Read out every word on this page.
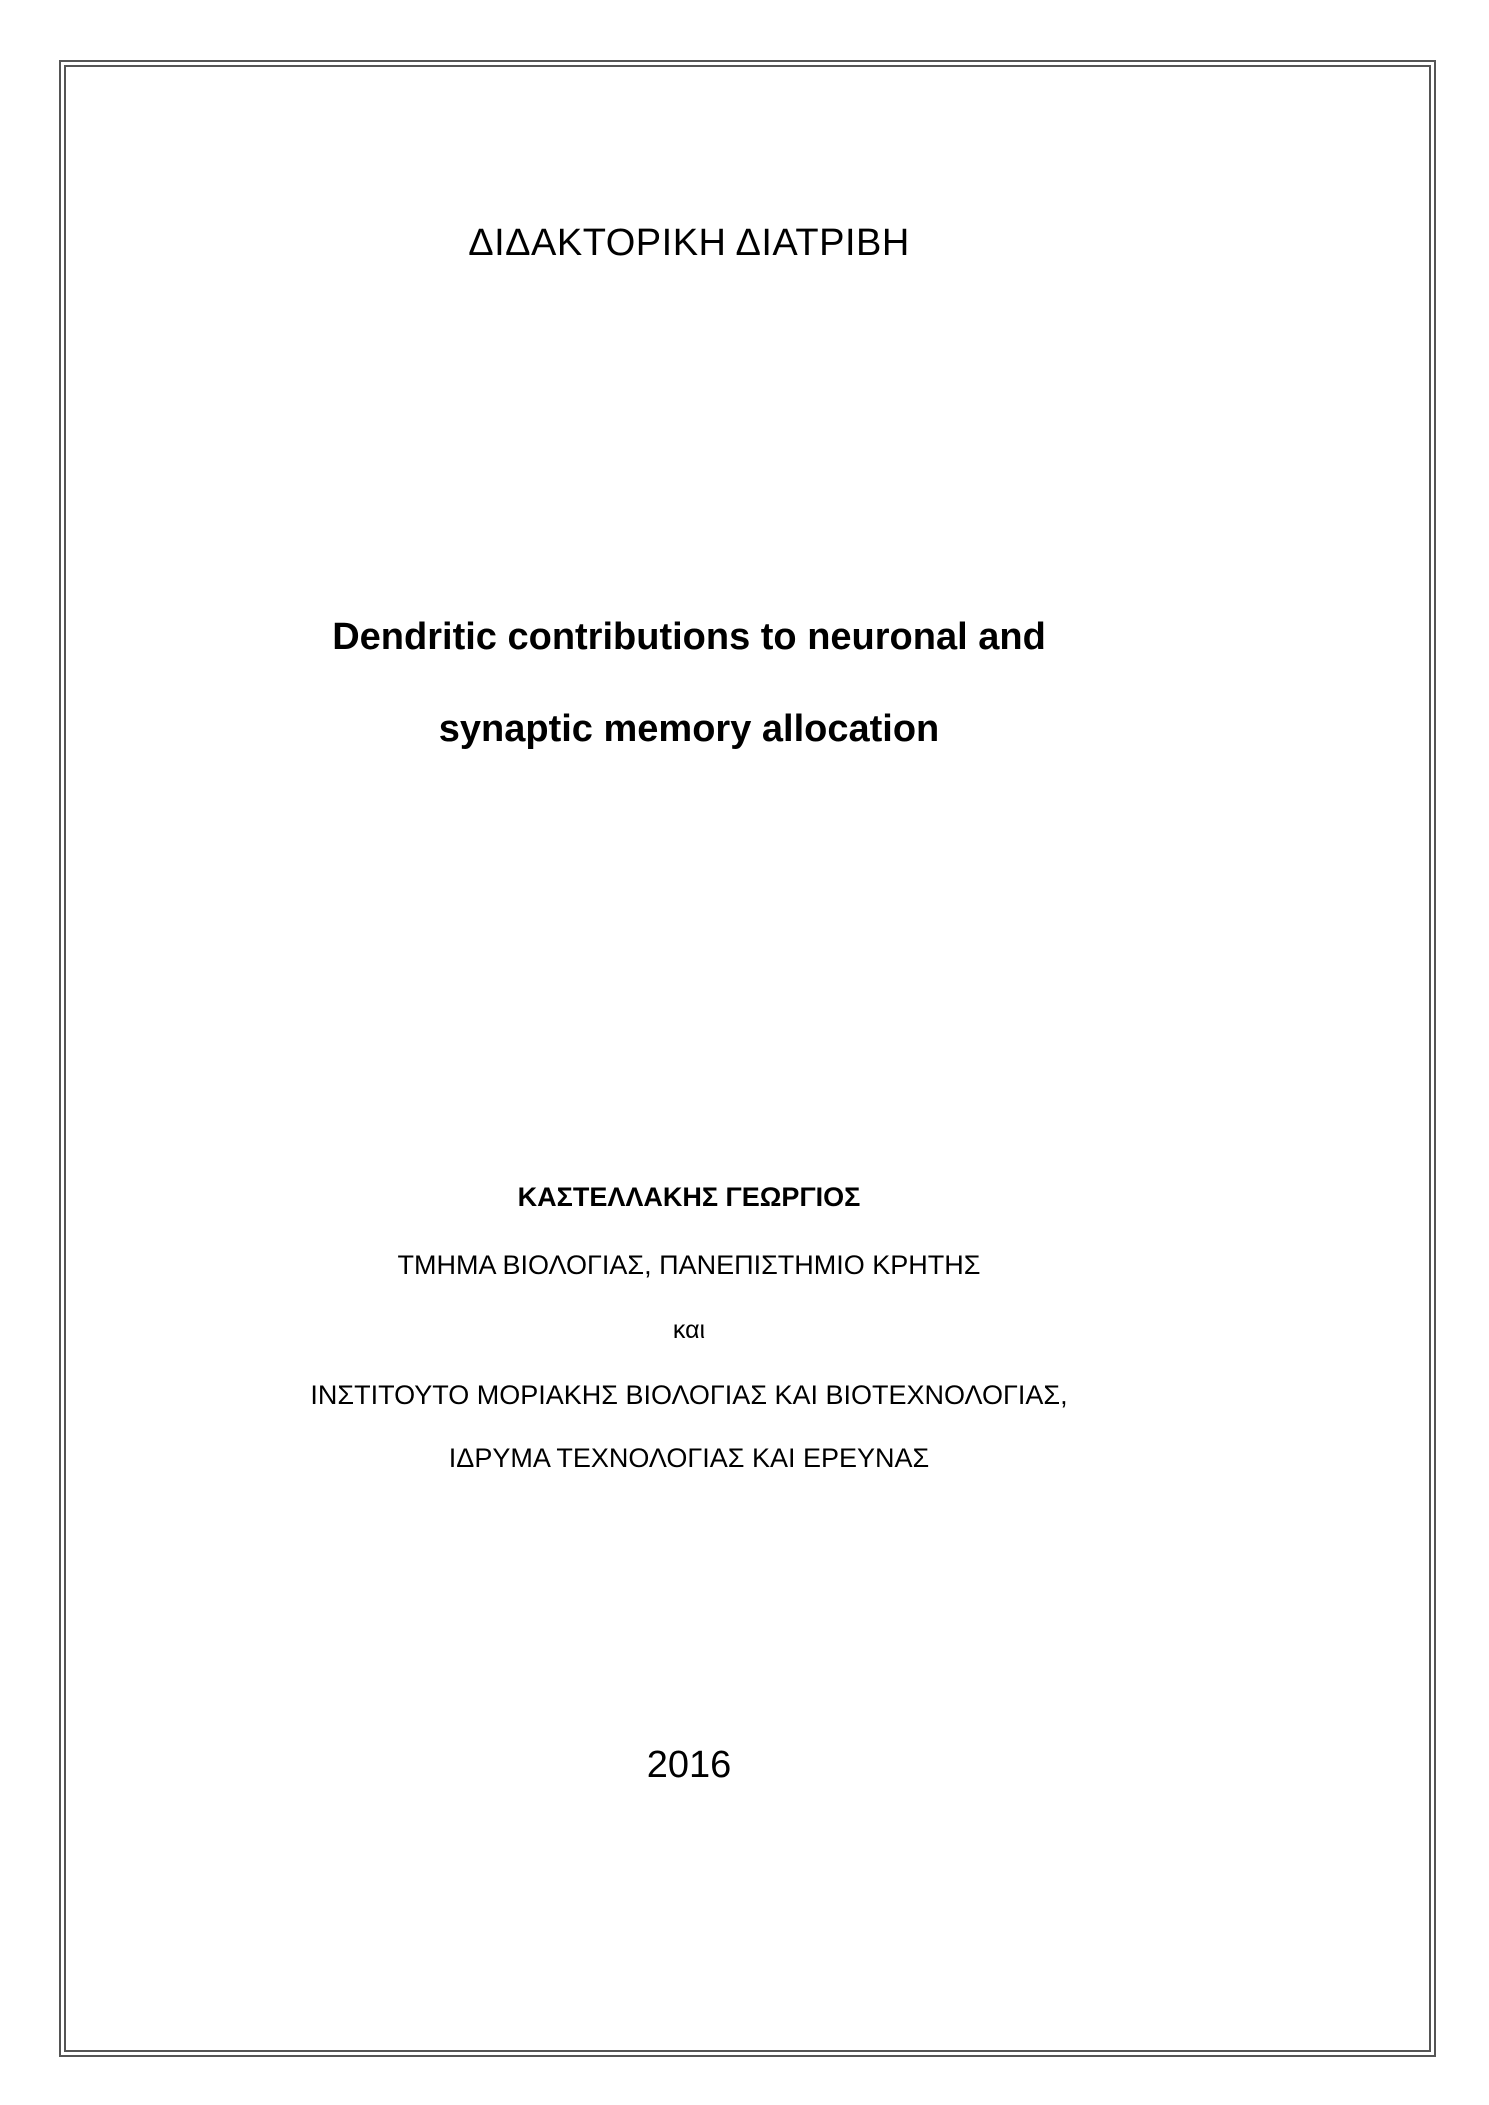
ΔΙΔΑΚΤΟΡΙΚΗ ΔΙΑΤΡΙΒΗ
Dendritic contributions to neuronal and
synaptic memory allocation
ΚΑΣΤΕΛΛΑΚΗΣ ΓΕΩΡΓΙΟΣ
ΤΜΗΜΑ ΒΙΟΛΟΓΙΑΣ, ΠΑΝΕΠΙΣΤΗΜΙΟ ΚΡΗΤΗΣ
και
ΙΝΣΤΙΤΟΥΤΟ ΜΟΡΙΑΚΗΣ ΒΙΟΛΟΓΙΑΣ ΚΑΙ ΒΙΟΤΕΧΝΟΛΟΓΙΑΣ,
ΙΔΡΥΜΑ ΤΕΧΝΟΛΟΓΙΑΣ ΚΑΙ ΕΡΕΥΝΑΣ
2016
